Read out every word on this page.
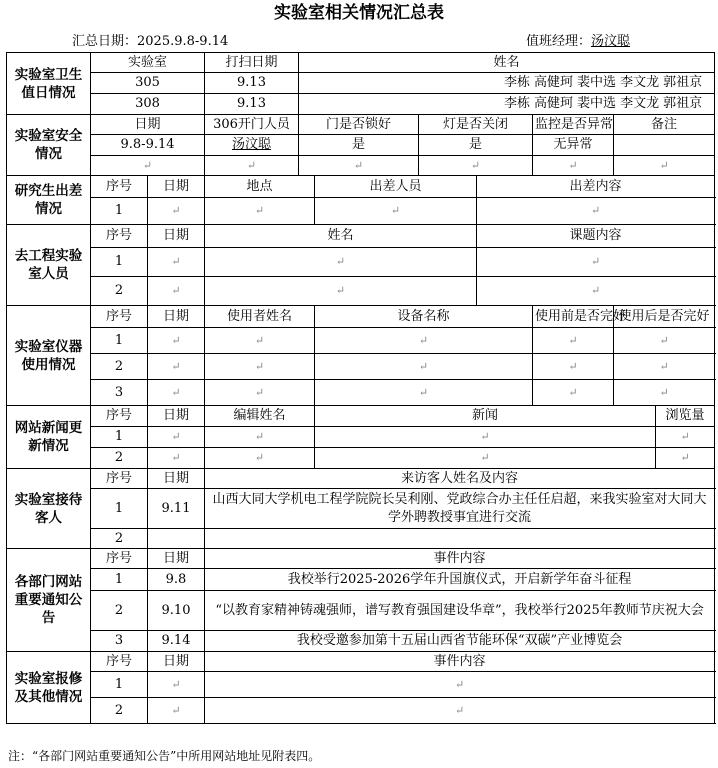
实验室相关情况汇总表
汇总日期：2025.9.8-9.14	值班经理：汤汶聪
实验室卫生值日情况	实验室		打扫日期	姓名						
	305		9.13	李栋 高健珂 裴中选 李文龙 郭祖京						
	308		9.13	李栋 高健珂 裴中选 李文龙 郭祖京						
实验室安全情况	日期		306开门人员	门是否锁好		灯是否关闭		监控是否异常	备注	
	9.8-9.14		汤汶聪	是		是		无异常		
	↵		↵	↵		↵		↵	↵	
研究生出差情况	序号	日期	地点		出差人员		出差内容			
	1	↵	↵		↵		↵			
去工程实验室人员	序号	日期	姓名				课题内容			
	1	↵	↵				↵			
	2	↵	↵				↵			
实验室仪器使用情况	序号	日期	使用者姓名		设备名称			使用前是否完好	使用后是否完好	
	1	↵	↵		↵			↵	↵	
	2	↵	↵		↵			↵	↵	
	3	↵	↵		↵			↵	↵	
网站新闻更新情况	序号	日期	编辑姓名		新闻					浏览量
	1	↵	↵		↵					↵
	2	↵	↵		↵					↵
实验室接待客人	序号	日期	来访客人姓名及内容							
	1	9.11	山西大同大学机电工程学院院长吴利刚、党政综合办主任任启超，来我实验室对大同大学外聘教授事宜进行交流							
	2									
各部门网站重要通知公告	序号	日期	事件内容							
	1	9.8	我校举行2025-2026学年升国旗仪式，开启新学年奋斗征程							
	2	9.10	“以教育家精神铸魂强师，谱写教育强国建设华章”，我校举行2025年教师节庆祝大会							
	3	9.14	我校受邀参加第十五届山西省节能环保“双碳”产业博览会							
实验室报修及其他情况	序号	日期	事件内容							
	1	↵	↵							
	2	↵	↵							
注：“各部门网站重要通知公告”中所用网站地址见附表四。
